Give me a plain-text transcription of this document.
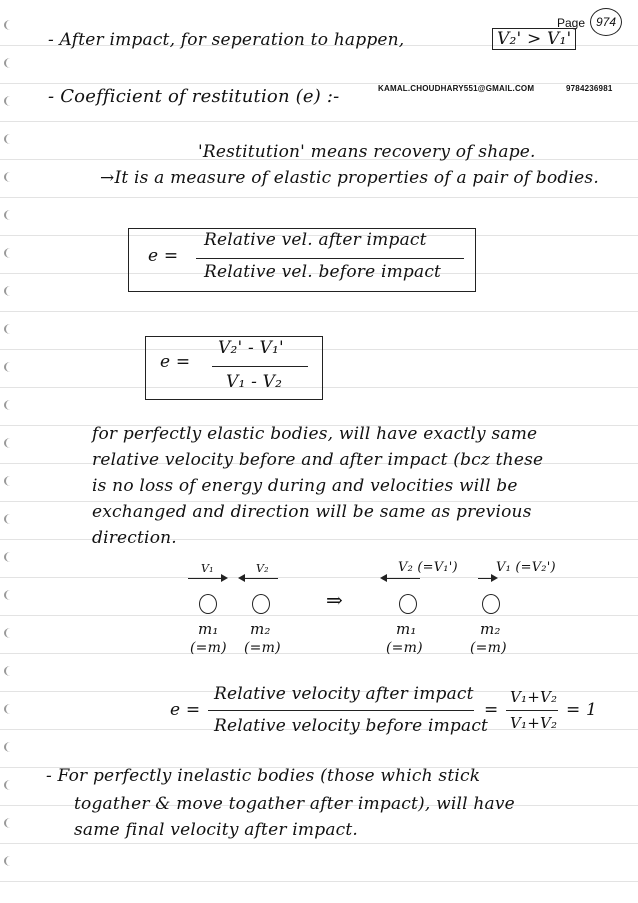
Page 974
- After impact, for seperation to happen,	V₂' > V₁'
- Coefficient of restitution (e) :-	KAMAL.CHOUDHARY551@GMAIL.COM	9784236981
'Restitution' means recovery of shape.
→It is a measure of elastic properties of a pair of bodies.
e =
Relative vel. after impact
Relative vel. before impact
e =
V₂' - V₁'
V₁ - V₂
for perfectly elastic bodies, will have exactly same
relative velocity before and after impact (bcz these
is no loss of energy during and velocities will be
exchanged and direction will be same as previous
direction.
V₁
m₁
(=m)
V₂
m₂
(=m)
⇒
V₂ (=V₁')
m₁
(=m)
V₁ (=V₂')
m₂
(=m)
e =
Relative velocity after impact
Relative velocity before impact
=
V₁+V₂
V₁+V₂
= 1
- For perfectly inelastic bodies (those which stick
togather & move togather after impact), will have
same final velocity after impact.
